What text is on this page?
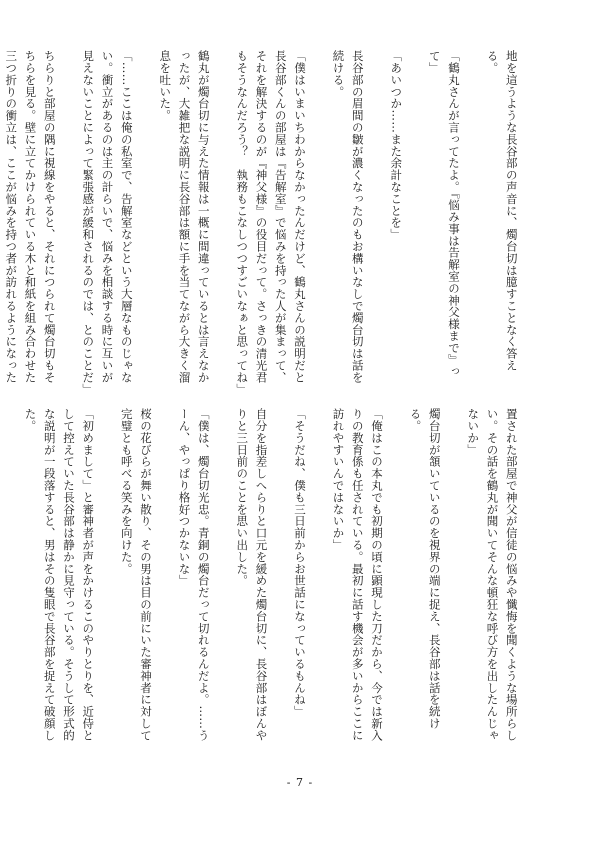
地を這うような長谷部の声音に、燭台切は臆すことなく答える。

「鶴丸さんが言ってたよ。『悩み事は告解室の神父様まで』って」

「あいつか……また余計なことを」

長谷部の眉間の皺が濃くなったのもお構いなしで燭台切は話を続ける。

「僕はいまいちわからなかったんだけど、鶴丸さんの説明だと長谷部くんの部屋は『告解室』で悩みを持った人が集まって、それを解決するのが『神父様』の役目だって。さっきの清光君もそうなんだろう？　執務もこなしつつすごいなぁと思ってね」

鶴丸が燭台切に与えた情報は一概に間違っているとは言えなかったが、大雑把な説明に長谷部は額に手を当てながら大きく溜息を吐いた。

「……ここは俺の私室で、告解室などという大層なものじゃない。衝立があるのは主の計らいで、悩みを相談する時に互いが見えないことによって緊張感が緩和されるのでは、とのことだ」

ちらりと部屋の隅に視線をやると、それにつられて燭台切もそちらを見る。壁に立てかけられている木と和紙を組み合わせた三つ折りの衝立は、ここが悩みを持つ者が訪れるようになった

置された部屋で神父が信徒の悩みや懺悔を聞くような場所らしい。その話を鶴丸が聞いてそんな頓狂な呼び方を出したんじゃないか」

燭台切が頷いているのを視界の端に捉え、長谷部は話を続ける。

「俺はこの本丸でも初期の頃に顕現した刀だから、今では新入りの教育係も任されている。最初に話す機会が多いからここに訪れやすいんではないか」

「そうだね、僕も三日前からお世話になっているもんね」

自分を指差しへらりと口元を緩めた燭台切に、長谷部はぼんやりと三日前のことを思い出した。

「僕は、燭台切光忠。青銅の燭台だって切れるんだよ。……うーん、やっぱり格好つかないな」

桜の花びらが舞い散り、その男は目の前にいた審神者に対して完璧とも呼べる笑みを向けた。

「初めまして」と審神者が声をかけるこのやりとりを、近侍として控えていた長谷部は静かに見守っている。そうして形式的な説明が一段落すると、男はその隻眼で長谷部を捉えて破顔した。

- 7 -
